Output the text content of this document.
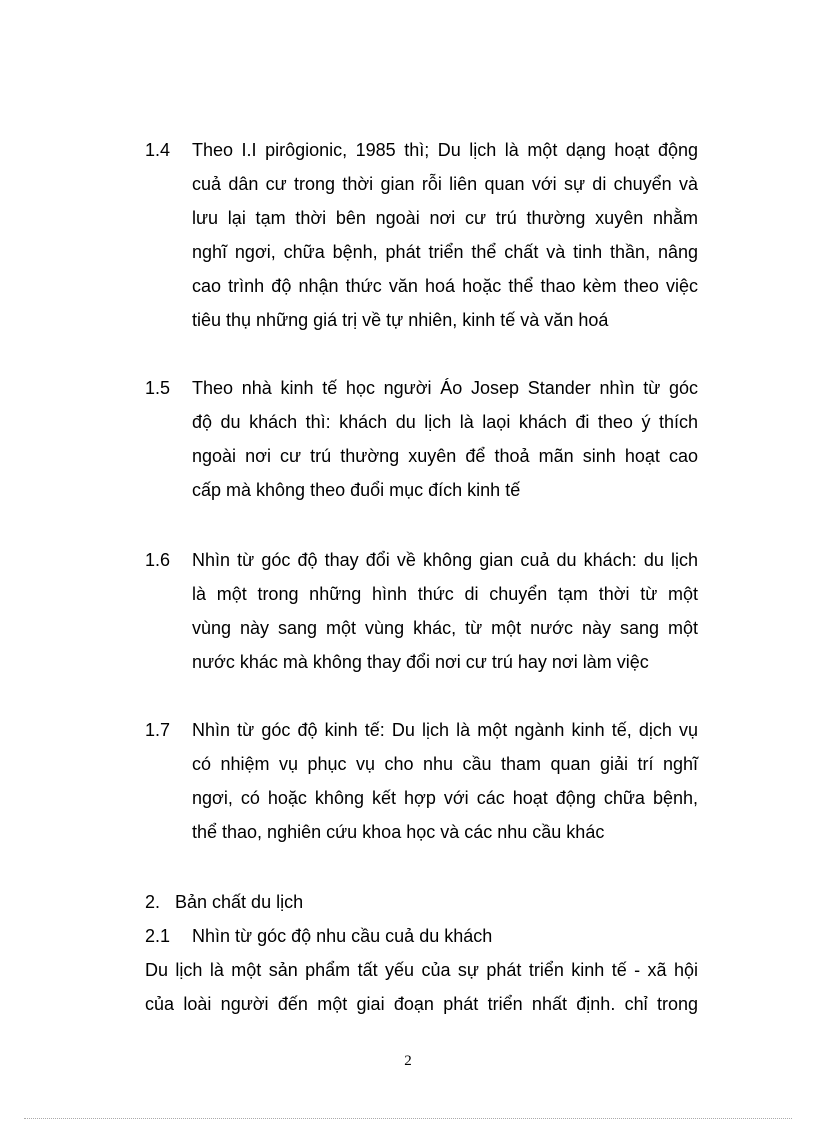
1.4 Theo I.I pirôgionic, 1985 thì; Du lịch là một dạng hoạt động
cuả dân cư trong thời gian rỗi liên quan với sự di chuyển và
lưu lại tạm thời bên ngoài nơi cư trú thường xuyên nhằm
nghĩ ngơi, chữa bệnh, phát triển thể chất và tinh thần, nâng
cao trình độ nhận thức văn hoá hoặc thể thao kèm theo việc
tiêu thụ những giá trị về tự nhiên, kinh tế và văn hoá
1.5 Theo nhà kinh tế học người Áo Josep Stander nhìn từ góc
độ du khách thì: khách du lịch là laọi khách đi theo ý thích
ngoài nơi cư trú thường xuyên để thoả mãn sinh hoạt cao
cấp mà không theo đuổi mục đích kinh tế
1.6 Nhìn từ góc độ thay đổi về không gian cuả du khách: du lịch
là một trong những hình thức di chuyển tạm thời từ một
vùng này sang một vùng khác, từ một nước này sang một
nước khác mà không thay đổi nơi cư trú hay nơi làm việc
1.7 Nhìn từ góc độ kinh tế: Du lịch là một ngành kinh tế, dịch vụ
có nhiệm vụ phục vụ cho nhu cầu tham quan giải trí nghĩ
ngơi, có hoặc không kết hợp với các hoạt động chữa bệnh,
thể thao, nghiên cứu khoa học và các nhu cầu khác
2. Bản chất du lịch
2.1 Nhìn từ góc độ nhu cầu cuả du khách
Du lịch là một sản phẩm tất yếu của sự phát triển kinh tế - xã hội
của loài người đến một giai đoạn phát triển nhất định. chỉ trong
2
